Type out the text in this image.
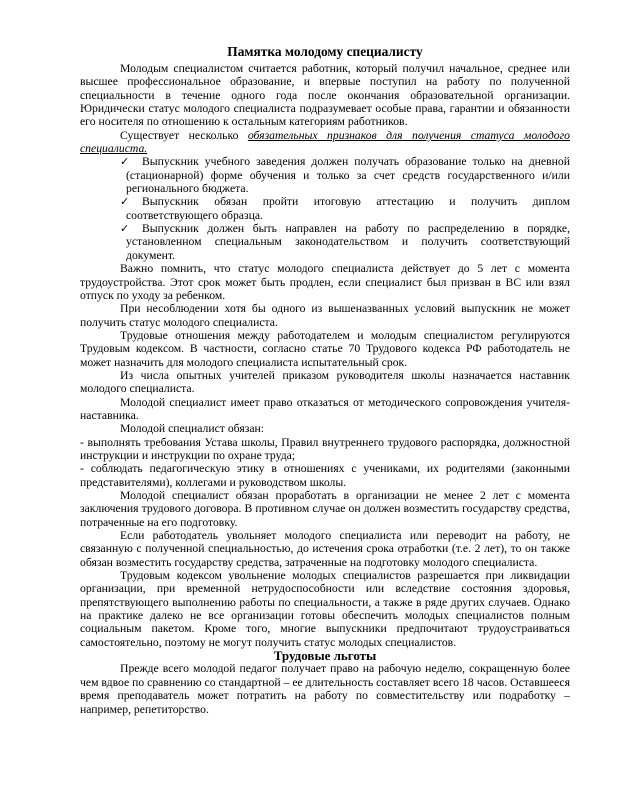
Памятка молодому специалисту

Молодым специалистом считается работник, который получил начальное, среднее или высшее профессиональное образование, и впервые поступил на работу по полученной специальности в течение одного года после окончания образовательной организации. Юридически статус молодого специалиста подразумевает особые права, гарантии и обязанности его носителя по отношению к остальным категориям работников.

Существует несколько обязательных признаков для получения статуса молодого специалиста.

✓ Выпускник учебного заведения должен получать образование только на дневной (стационарной) форме обучения и только за счет средств государственного и/или регионального бюджета.
✓ Выпускник обязан пройти итоговую аттестацию и получить диплом соответствующего образца.
✓ Выпускник должен быть направлен на работу по распределению в порядке, установленном специальным законодательством и получить соответствующий документ.

Важно помнить, что статус молодого специалиста действует до 5 лет с момента трудоустройства. Этот срок может быть продлен, если специалист был призван в ВС или взял отпуск по уходу за ребенком.

При несоблюдении хотя бы одного из вышеназванных условий выпускник не может получить статус молодого специалиста.

Трудовые отношения между работодателем и молодым специалистом регулируются Трудовым кодексом. В частности, согласно статье 70 Трудового кодекса РФ работодатель не может назначить для молодого специалиста испытательный срок.

Из числа опытных учителей приказом руководителя школы назначается наставник молодого специалиста.

Молодой специалист имеет право отказаться от методического сопровождения учителя-наставника.

Молодой специалист обязан:

- выполнять требования Устава школы, Правил внутреннего трудового распорядка, должностной инструкции и инструкции по охране труда;

- соблюдать педагогическую этику в отношениях с учениками, их родителями (законными представителями), коллегами и руководством школы.

Молодой специалист обязан проработать в организации не менее 2 лет с момента заключения трудового договора. В противном случае он должен возместить государству средства, потраченные на его подготовку.

Если работодатель увольняет молодого специалиста или переводит на работу, не связанную с полученной специальностью, до истечения срока отработки (т.е. 2 лет), то он также обязан возместить государству средства, затраченные на подготовку молодого специалиста.

Трудовым кодексом увольнение молодых специалистов разрешается при ликвидации организации, при временной нетрудоспособности или вследствие состояния здоровья, препятствующего выполнению работы по специальности, а также в ряде других случаев. Однако на практике далеко не все организации готовы обеспечить молодых специалистов полным социальным пакетом. Кроме того, многие выпускники предпочитают трудоустраиваться самостоятельно, поэтому не могут получить статус молодых специалистов.

Трудовые льготы

Прежде всего молодой педагог получает право на рабочую неделю, сокращенную более чем вдвое по сравнению со стандартной – ее длительность составляет всего 18 часов. Оставшееся время преподаватель может потратить на работу по совместительству или подработку – например, репетиторство.
